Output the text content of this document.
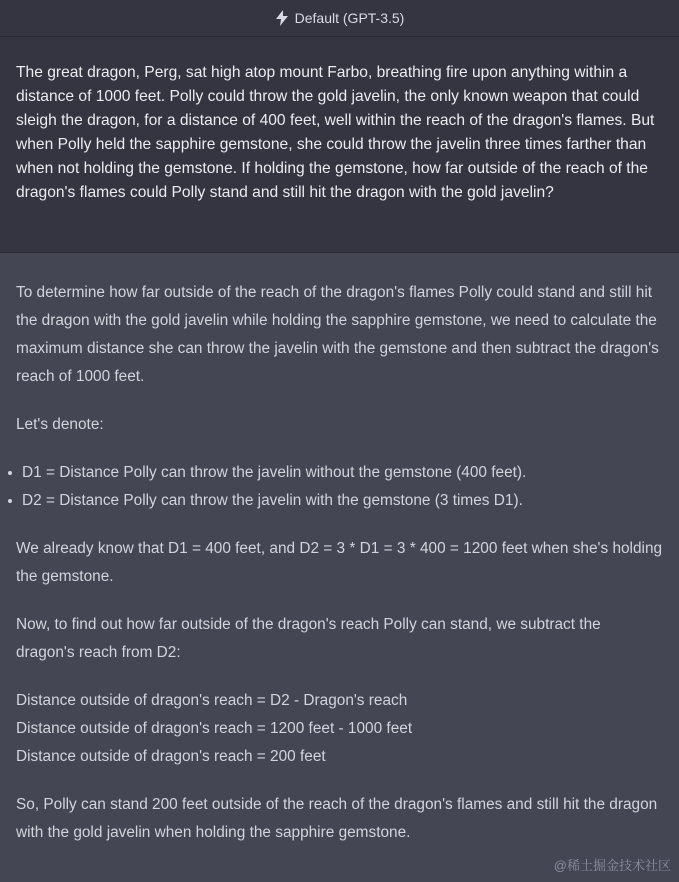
Default (GPT-3.5)
The great dragon, Perg, sat high atop mount Farbo, breathing fire upon anything within a distance of 1000 feet. Polly could throw the gold javelin, the only known weapon that could sleigh the dragon, for a distance of 400 feet, well within the reach of the dragon's flames. But when Polly held the sapphire gemstone, she could throw the javelin three times farther than when not holding the gemstone. If holding the gemstone, how far outside of the reach of the dragon's flames could Polly stand and still hit the dragon with the gold javelin?

To determine how far outside of the reach of the dragon's flames Polly could stand and still hit the dragon with the gold javelin while holding the sapphire gemstone, we need to calculate the maximum distance she can throw the javelin with the gemstone and then subtract the dragon's reach of 1000 feet.

Let's denote:

D1 = Distance Polly can throw the javelin without the gemstone (400 feet).
D2 = Distance Polly can throw the javelin with the gemstone (3 times D1).

We already know that D1 = 400 feet, and D2 = 3 * D1 = 3 * 400 = 1200 feet when she's holding the gemstone.

Now, to find out how far outside of the dragon's reach Polly can stand, we subtract the dragon's reach from D2:

Distance outside of dragon's reach = D2 - Dragon's reach
Distance outside of dragon's reach = 1200 feet - 1000 feet
Distance outside of dragon's reach = 200 feet

So, Polly can stand 200 feet outside of the reach of the dragon's flames and still hit the dragon with the gold javelin when holding the sapphire gemstone.

@稀土掘金技术社区
